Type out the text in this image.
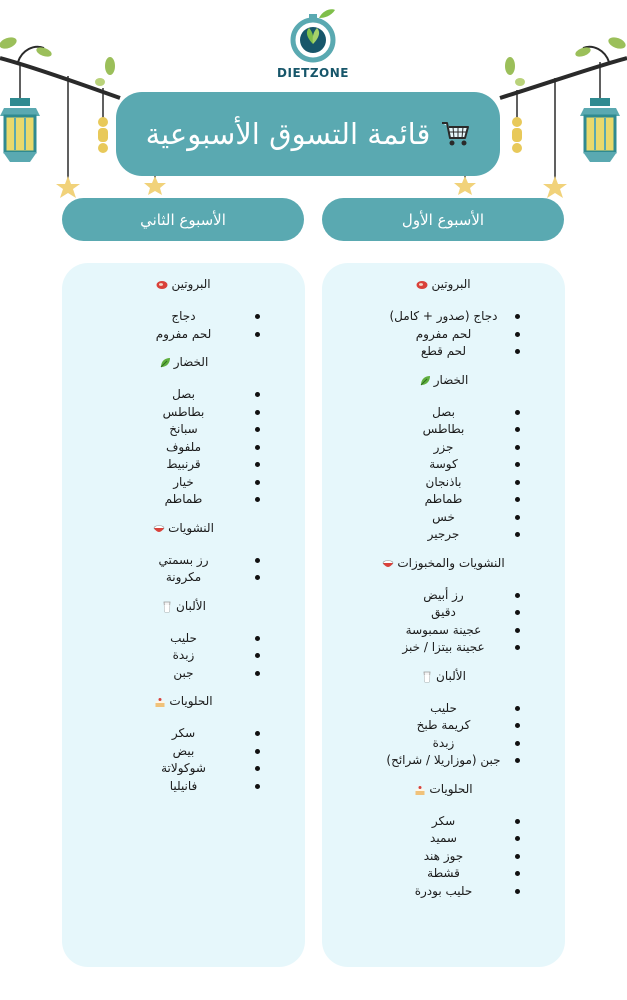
DIETZONE
قائمة التسوق الأسبوعية
الأسبوع الأول
الأسبوع الثاني
البروتين
دجاج (صدور + كامل)
لحم مفروم
لحم قطع
الخضار
بصل
بطاطس
جزر
كوسة
باذنجان
طماطم
خس
جرجير
النشويات والمخبوزات
رز أبيض
دقيق
عجينة سمبوسة
عجينة بيتزا / خبز
الألبان
حليب
كريمة طبخ
زبدة
جبن (موزاريلا / شرائح)
الحلويات
سكر
سميد
جوز هند
قشطة
حليب بودرة
البروتين
دجاج
لحم مفروم
الخضار
بصل
بطاطس
سبانخ
ملفوف
قرنبيط
خيار
طماطم
النشويات
رز بسمتي
مكرونة
الألبان
حليب
زبدة
جبن
الحلويات
سكر
بيض
شوكولاتة
فانيليا
